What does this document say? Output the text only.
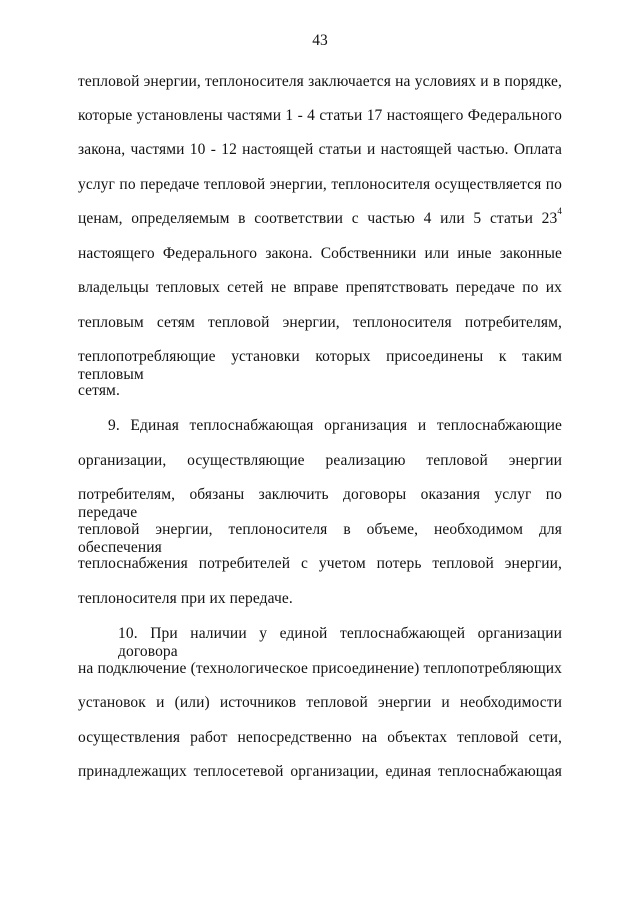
43
тепловой энергии, теплоносителя заключается на условиях и в порядке,
которые установлены частями 1 - 4 статьи 17 настоящего Федерального
закона, частями 10 - 12 настоящей статьи и настоящей частью. Оплата
услуг по передаче тепловой энергии, теплоносителя осуществляется по
ценам, определяемым в соответствии с частью 4 или 5 статьи 23$^4$
настоящего Федерального закона. Собственники или иные законные
владельцы тепловых сетей не вправе препятствовать передаче по их
тепловым сетям тепловой энергии, теплоносителя потребителям,
теплопотребляющие установки которых присоединены к таким тепловым
сетям.
9. Единая теплоснабжающая организация и теплоснабжающие
организации, осуществляющие реализацию тепловой энергии
потребителям, обязаны заключить договоры оказания услуг по передаче
тепловой энергии, теплоносителя в объеме, необходимом для обеспечения
теплоснабжения потребителей с учетом потерь тепловой энергии,
теплоносителя при их передаче.
10. При наличии у единой теплоснабжающей организации договора
на подключение (технологическое присоединение) теплопотребляющих
установок и (или) источников тепловой энергии и необходимости
осуществления работ непосредственно на объектах тепловой сети,
принадлежащих теплосетевой организации, единая теплоснабжающая
